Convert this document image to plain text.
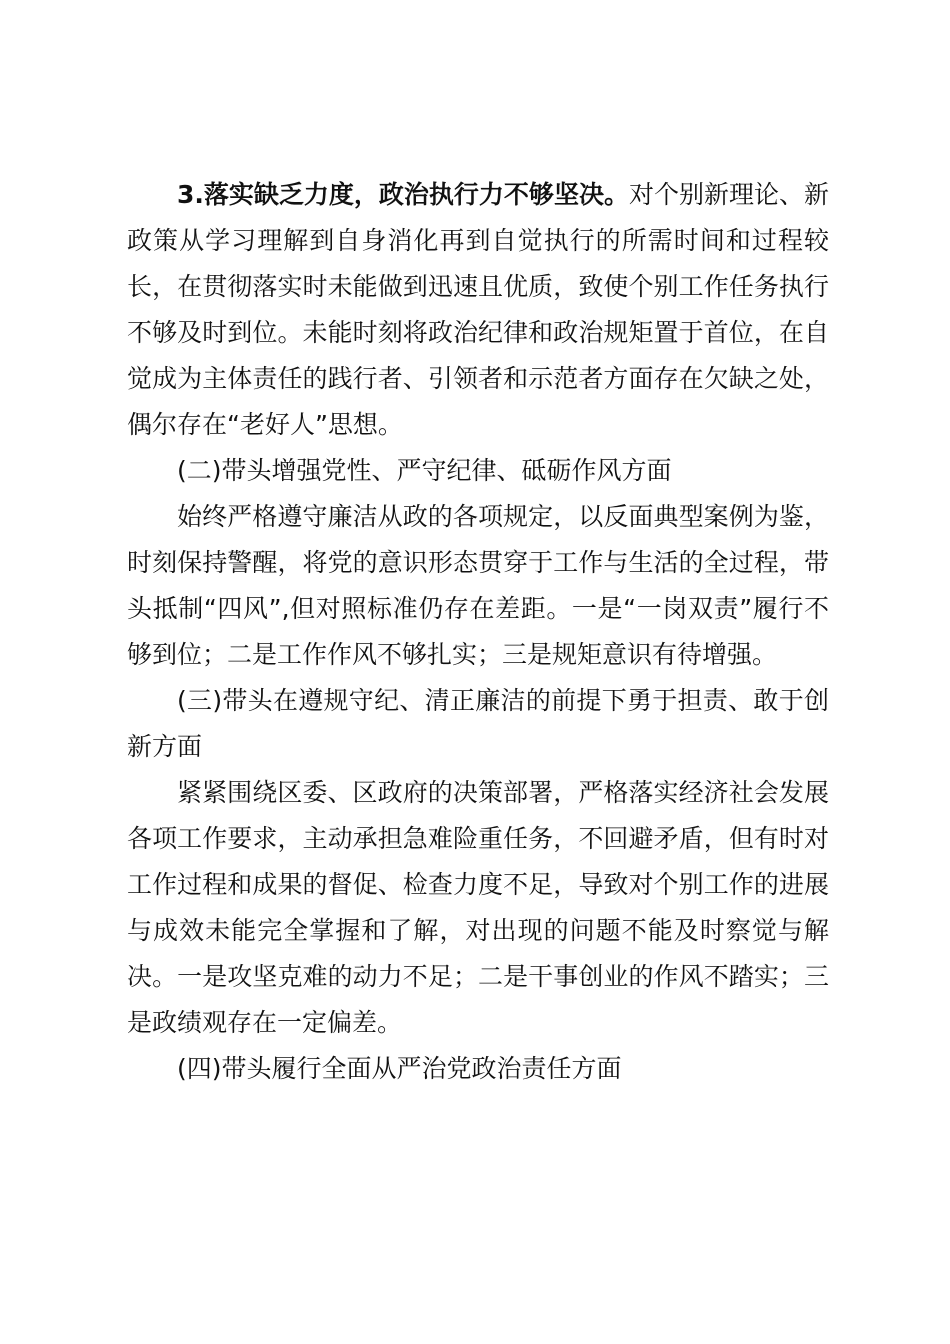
3.落实缺乏力度，政治执行力不够坚决。对个别新理论、新政策从学习理解到自身消化再到自觉执行的所需时间和过程较长，在贯彻落实时未能做到迅速且优质，致使个别工作任务执行不够及时到位。未能时刻将政治纪律和政治规矩置于首位，在自觉成为主体责任的践行者、引领者和示范者方面存在欠缺之处，偶尔存在“老好人”思想。

(二)带头增强党性、严守纪律、砥砺作风方面

始终严格遵守廉洁从政的各项规定，以反面典型案例为鉴，时刻保持警醒，将党的意识形态贯穿于工作与生活的全过程，带头抵制“四风”,但对照标准仍存在差距。一是“一岗双责”履行不够到位；二是工作作风不够扎实；三是规矩意识有待增强。

(三)带头在遵规守纪、清正廉洁的前提下勇于担责、敢于创新方面

紧紧围绕区委、区政府的决策部署，严格落实经济社会发展各项工作要求，主动承担急难险重任务，不回避矛盾，但有时对工作过程和成果的督促、检查力度不足，导致对个别工作的进展与成效未能完全掌握和了解，对出现的问题不能及时察觉与解决。一是攻坚克难的动力不足；二是干事创业的作风不踏实；三是政绩观存在一定偏差。

(四)带头履行全面从严治党政治责任方面
